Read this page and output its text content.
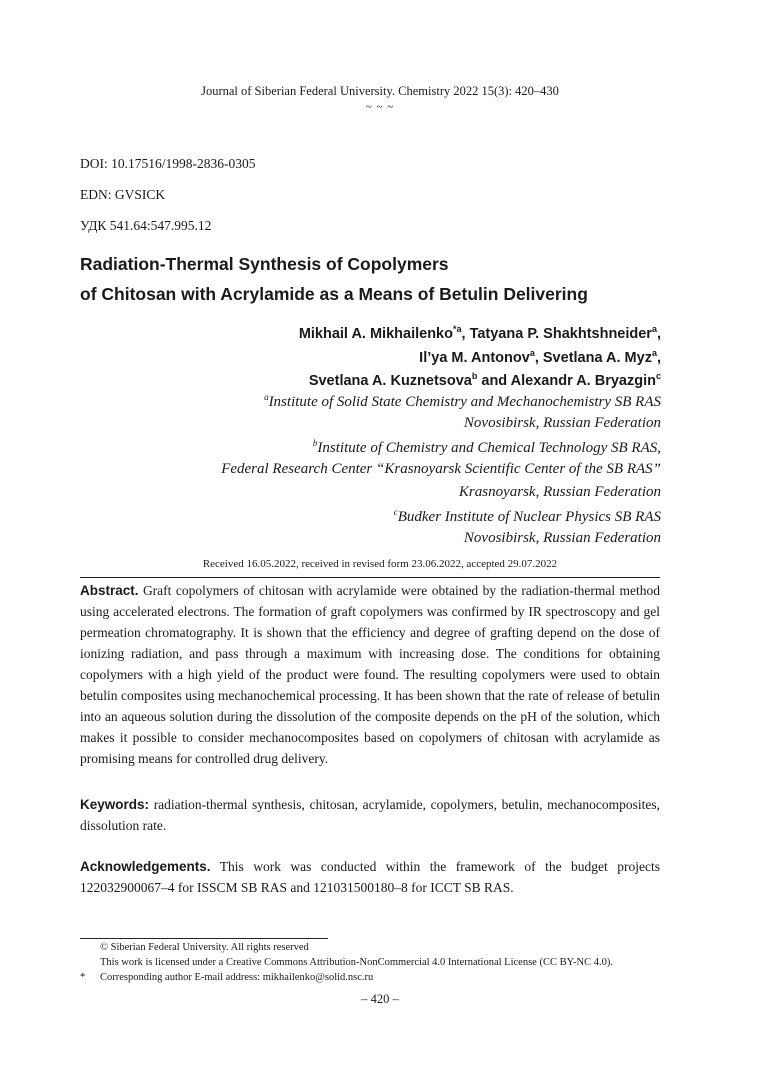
Journal of Siberian Federal University. Chemistry 2022 15(3): 420–430
~ ~ ~
DOI: 10.17516/1998-2836-0305
EDN: GVSICK
УДК 541.64:547.995.12
Radiation-Thermal Synthesis of Copolymers
of Chitosan with Acrylamide as a Means of Betulin Delivering
Mikhail A. Mikhailenko$^{*a}$, Tatyana P. Shakhtshneider$^a$,
Il’ya M. Antonov$^a$, Svetlana A. Myz$^a$,
Svetlana A. Kuznetsova$^b$ and Alexandr A. Bryazgin$^c$
$^a$Institute of Solid State Chemistry and Mechanochemistry SB RAS
Novosibirsk, Russian Federation
$^b$Institute of Chemistry and Chemical Technology SB RAS,
Federal Research Center “Krasnoyarsk Scientific Center of the SB RAS”
Krasnoyarsk, Russian Federation
$^c$Budker Institute of Nuclear Physics SB RAS
Novosibirsk, Russian Federation
Received 16.05.2022, received in revised form 23.06.2022, accepted 29.07.2022
Abstract. Graft copolymers of chitosan with acrylamide were obtained by the radiation-thermal method using accelerated electrons. The formation of graft copolymers was confirmed by IR spectroscopy and gel permeation chromatography. It is shown that the efficiency and degree of grafting depend on the dose of ionizing radiation, and pass through a maximum with increasing dose. The conditions for obtaining copolymers with a high yield of the product were found. The resulting copolymers were used to obtain betulin composites using mechanochemical processing. It has been shown that the rate of release of betulin into an aqueous solution during the dissolution of the composite depends on the pH of the solution, which makes it possible to consider mechanocomposites based on copolymers of chitosan with acrylamide as promising means for controlled drug delivery.
Keywords: radiation-thermal synthesis, chitosan, acrylamide, copolymers, betulin, mechanocomposites, dissolution rate.
Acknowledgements. This work was conducted within the framework of the budget projects 122032900067–4 for ISSCM SB RAS and 121031500180–8 for ICCT SB RAS.
© Siberian Federal University. All rights reserved
This work is licensed under a Creative Commons Attribution-NonCommercial 4.0 International License (CC BY-NC 4.0).
* Corresponding author E-mail address: mikhailenko@solid.nsc.ru
– 420 –
